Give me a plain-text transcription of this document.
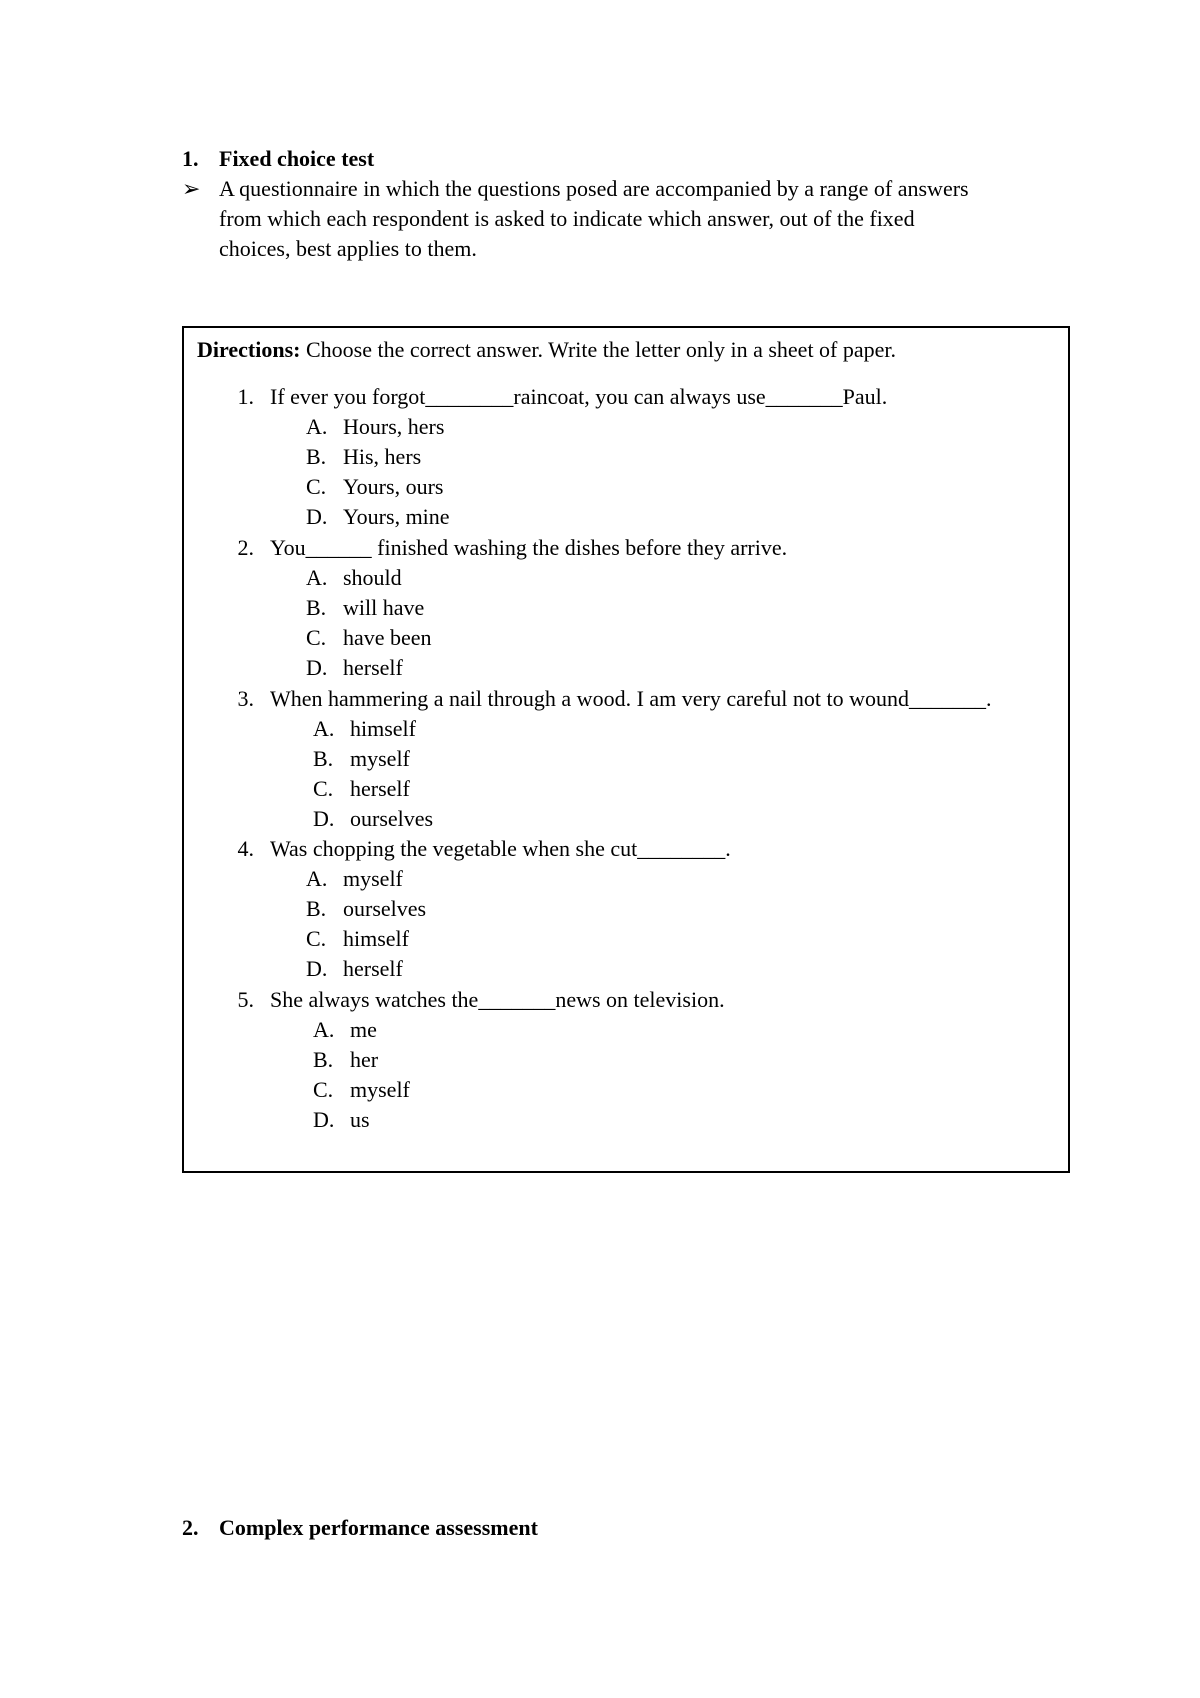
1. Fixed choice test
➢ A questionnaire in which the questions posed are accompanied by a range of answers
from which each respondent is asked to indicate which answer, out of the fixed
choices, best applies to them.
Directions: Choose the correct answer. Write the letter only in a sheet of paper.
1. If ever you forgot________raincoat, you can always use_______Paul.
A. Hours, hers
B. His, hers
C. Yours, ours
D. Yours, mine
2. You______ finished washing the dishes before they arrive.
A. should
B. will have
C. have been
D. herself
3. When hammering a nail through a wood. I am very careful not to wound_______.
A. himself
B. myself
C. herself
D. ourselves
4. Was chopping the vegetable when she cut________.
A. myself
B. ourselves
C. himself
D. herself
5. She always watches the_______news on television.
A. me
B. her
C. myself
D. us
2. Complex performance assessment
